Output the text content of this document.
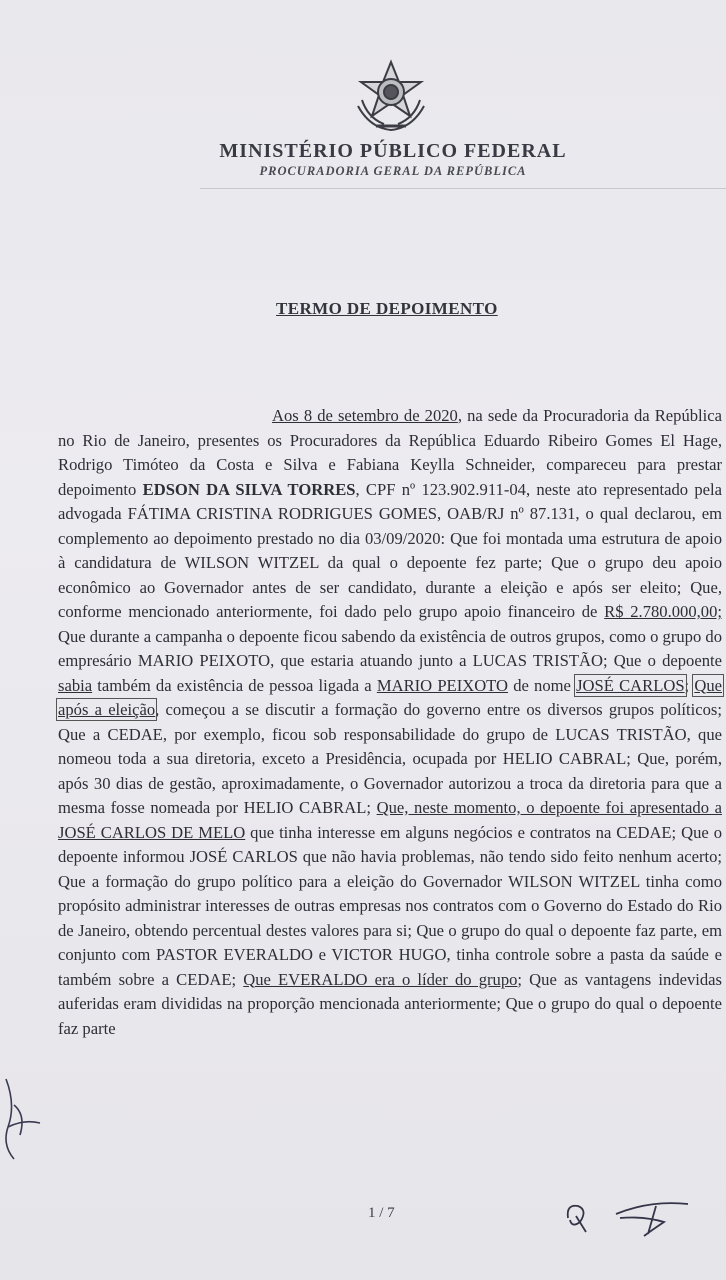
MINISTÉRIO PÚBLICO FEDERAL
PROCURADORIA GERAL DA REPÚBLICA
TERMO DE DEPOIMENTO
Aos 8 de setembro de 2020, na sede da Procuradoria da República no Rio de Janeiro, presentes os Procuradores da República Eduardo Ribeiro Gomes El Hage, Rodrigo Timóteo da Costa e Silva e Fabiana Keylla Schneider, compareceu para prestar depoimento EDSON DA SILVA TORRES, CPF nº 123.902.911-04, neste ato representado pela advogada FÁTIMA CRISTINA RODRIGUES GOMES, OAB/RJ nº 87.131, o qual declarou, em complemento ao depoimento prestado no dia 03/09/2020: Que foi montada uma estrutura de apoio à candidatura de WILSON WITZEL da qual o depoente fez parte; Que o grupo deu apoio econômico ao Governador antes de ser candidato, durante a eleição e após ser eleito; Que, conforme mencionado anteriormente, foi dado pelo grupo apoio financeiro de R$ 2.780.000,00; Que durante a campanha o depoente ficou sabendo da existência de outros grupos, como o grupo do empresário MARIO PEIXOTO, que estaria atuando junto a LUCAS TRISTÃO; Que o depoente sabia também da existência de pessoa ligada a MARIO PEIXOTO de nome JOSÉ CARLOS; Que após a eleição, começou a se discutir a formação do governo entre os diversos grupos políticos; Que a CEDAE, por exemplo, ficou sob responsabilidade do grupo de LUCAS TRISTÃO, que nomeou toda a sua diretoria, exceto a Presidência, ocupada por HELIO CABRAL; Que, porém, após 30 dias de gestão, aproximadamente, o Governador autorizou a troca da diretoria para que a mesma fosse nomeada por HELIO CABRAL; Que, neste momento, o depoente foi apresentado a JOSÉ CARLOS DE MELO que tinha interesse em alguns negócios e contratos na CEDAE; Que o depoente informou JOSÉ CARLOS que não havia problemas, não tendo sido feito nenhum acerto; Que a formação do grupo político para a eleição do Governador WILSON WITZEL tinha como propósito administrar interesses de outras empresas nos contratos com o Governo do Estado do Rio de Janeiro, obtendo percentual destes valores para si; Que o grupo do qual o depoente faz parte, em conjunto com PASTOR EVERALDO e VICTOR HUGO, tinha controle sobre a pasta da saúde e também sobre a CEDAE; Que EVERALDO era o líder do grupo; Que as vantagens indevidas auferidas eram divididas na proporção mencionada anteriormente; Que o grupo do qual o depoente faz parte
1 / 7
